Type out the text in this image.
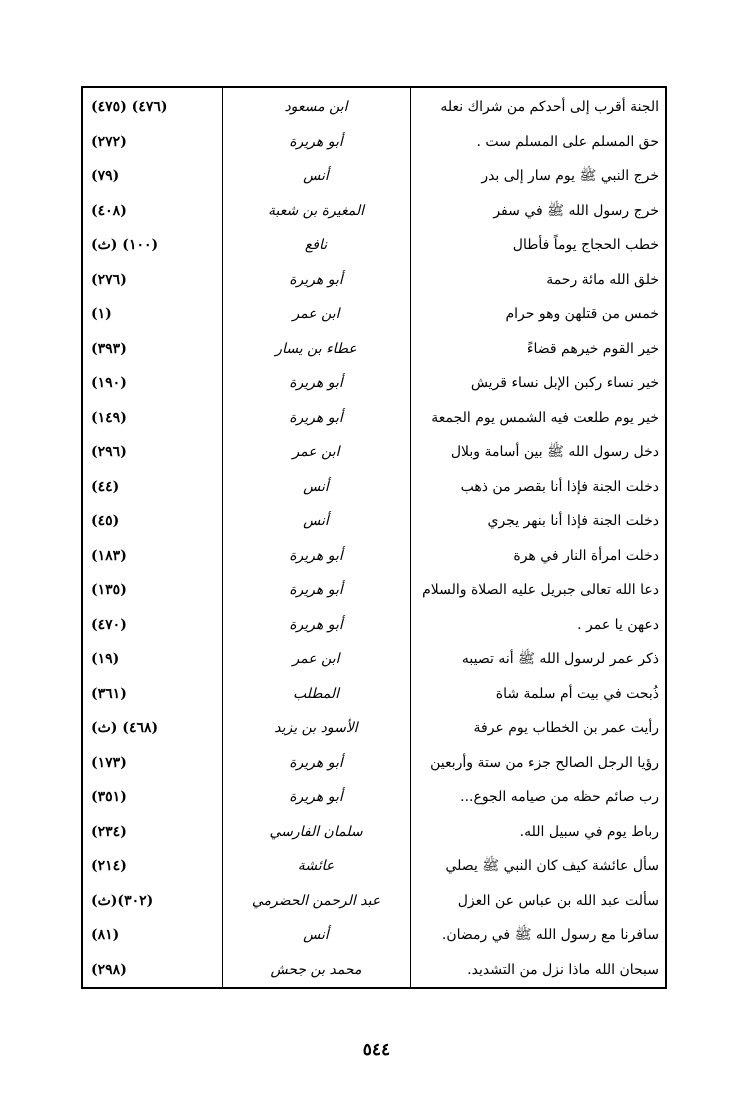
(٤٧٥) (٤٧٦)	ابن مسعود	الجنة أقرب إلى أحدكم من شراك نعله
(٢٧٢)	أبو هريرة	حق المسلم على المسلم ست .
(٧٩)	أنس	خرج النبي ﷺ يوم سار إلى بدر
(٤٠٨)	المغيرة بن شعبة	خرج رسول الله ﷺ في سفر
(١٠٠) (ث)	نافع	خطب الحجاج يوماً فأطال
(٢٧٦)	أبو هريرة	خلق الله مائة رحمة
(١)	ابن عمر	خمس من قتلهن وهو حرام
(٣٩٣)	عطاء بن يسار	خير القوم خيرهم قضاءً
(١٩٠)	أبو هريرة	خير نساء ركبن الإبل نساء قريش
(١٤٩)	أبو هريرة	خير يوم طلعت فيه الشمس يوم الجمعة
(٢٩٦)	ابن عمر	دخل رسول الله ﷺ بين أسامة وبلال
(٤٤)	أنس	دخلت الجنة فإذا أنا بقصر من ذهب
(٤٥)	أنس	دخلت الجنة فإذا أنا بنهر يجري
(١٨٣)	أبو هريرة	دخلت امرأة النار في هرة
(١٣٥)	أبو هريرة	دعا الله تعالى جبريل عليه الصلاة والسلام
(٤٧٠)	أبو هريرة	دعهن يا عمر .
(١٩)	ابن عمر	ذكر عمر لرسول الله ﷺ أنه تصيبه
(٣٦١)	المطلب	ذُبحت في بيت أم سلمة شاة
(٤٦٨) (ث)	الأسود بن يزيد	رأيت عمر بن الخطاب يوم عرفة
(١٧٣)	أبو هريرة	رؤيا الرجل الصالح جزء من ستة وأربعين
(٣٥١)	أبو هريرة	رب صائم حظه من صيامه الجوع...
(٢٣٤)	سلمان الفارسي	رباط يوم في سبيل الله.
(٢١٤)	عائشة	سأل عائشة كيف كان النبي ﷺ يصلي
(٣٠٢)(ث)	عبد الرحمن الحضرمي	سألت عبد الله بن عباس عن العزل
(٨١)	أنس	سافرنا مع رسول الله ﷺ في رمضان.
(٢٩٨)	محمد بن جحش	سبحان الله ماذا نزل من التشديد.
٥٤٤
